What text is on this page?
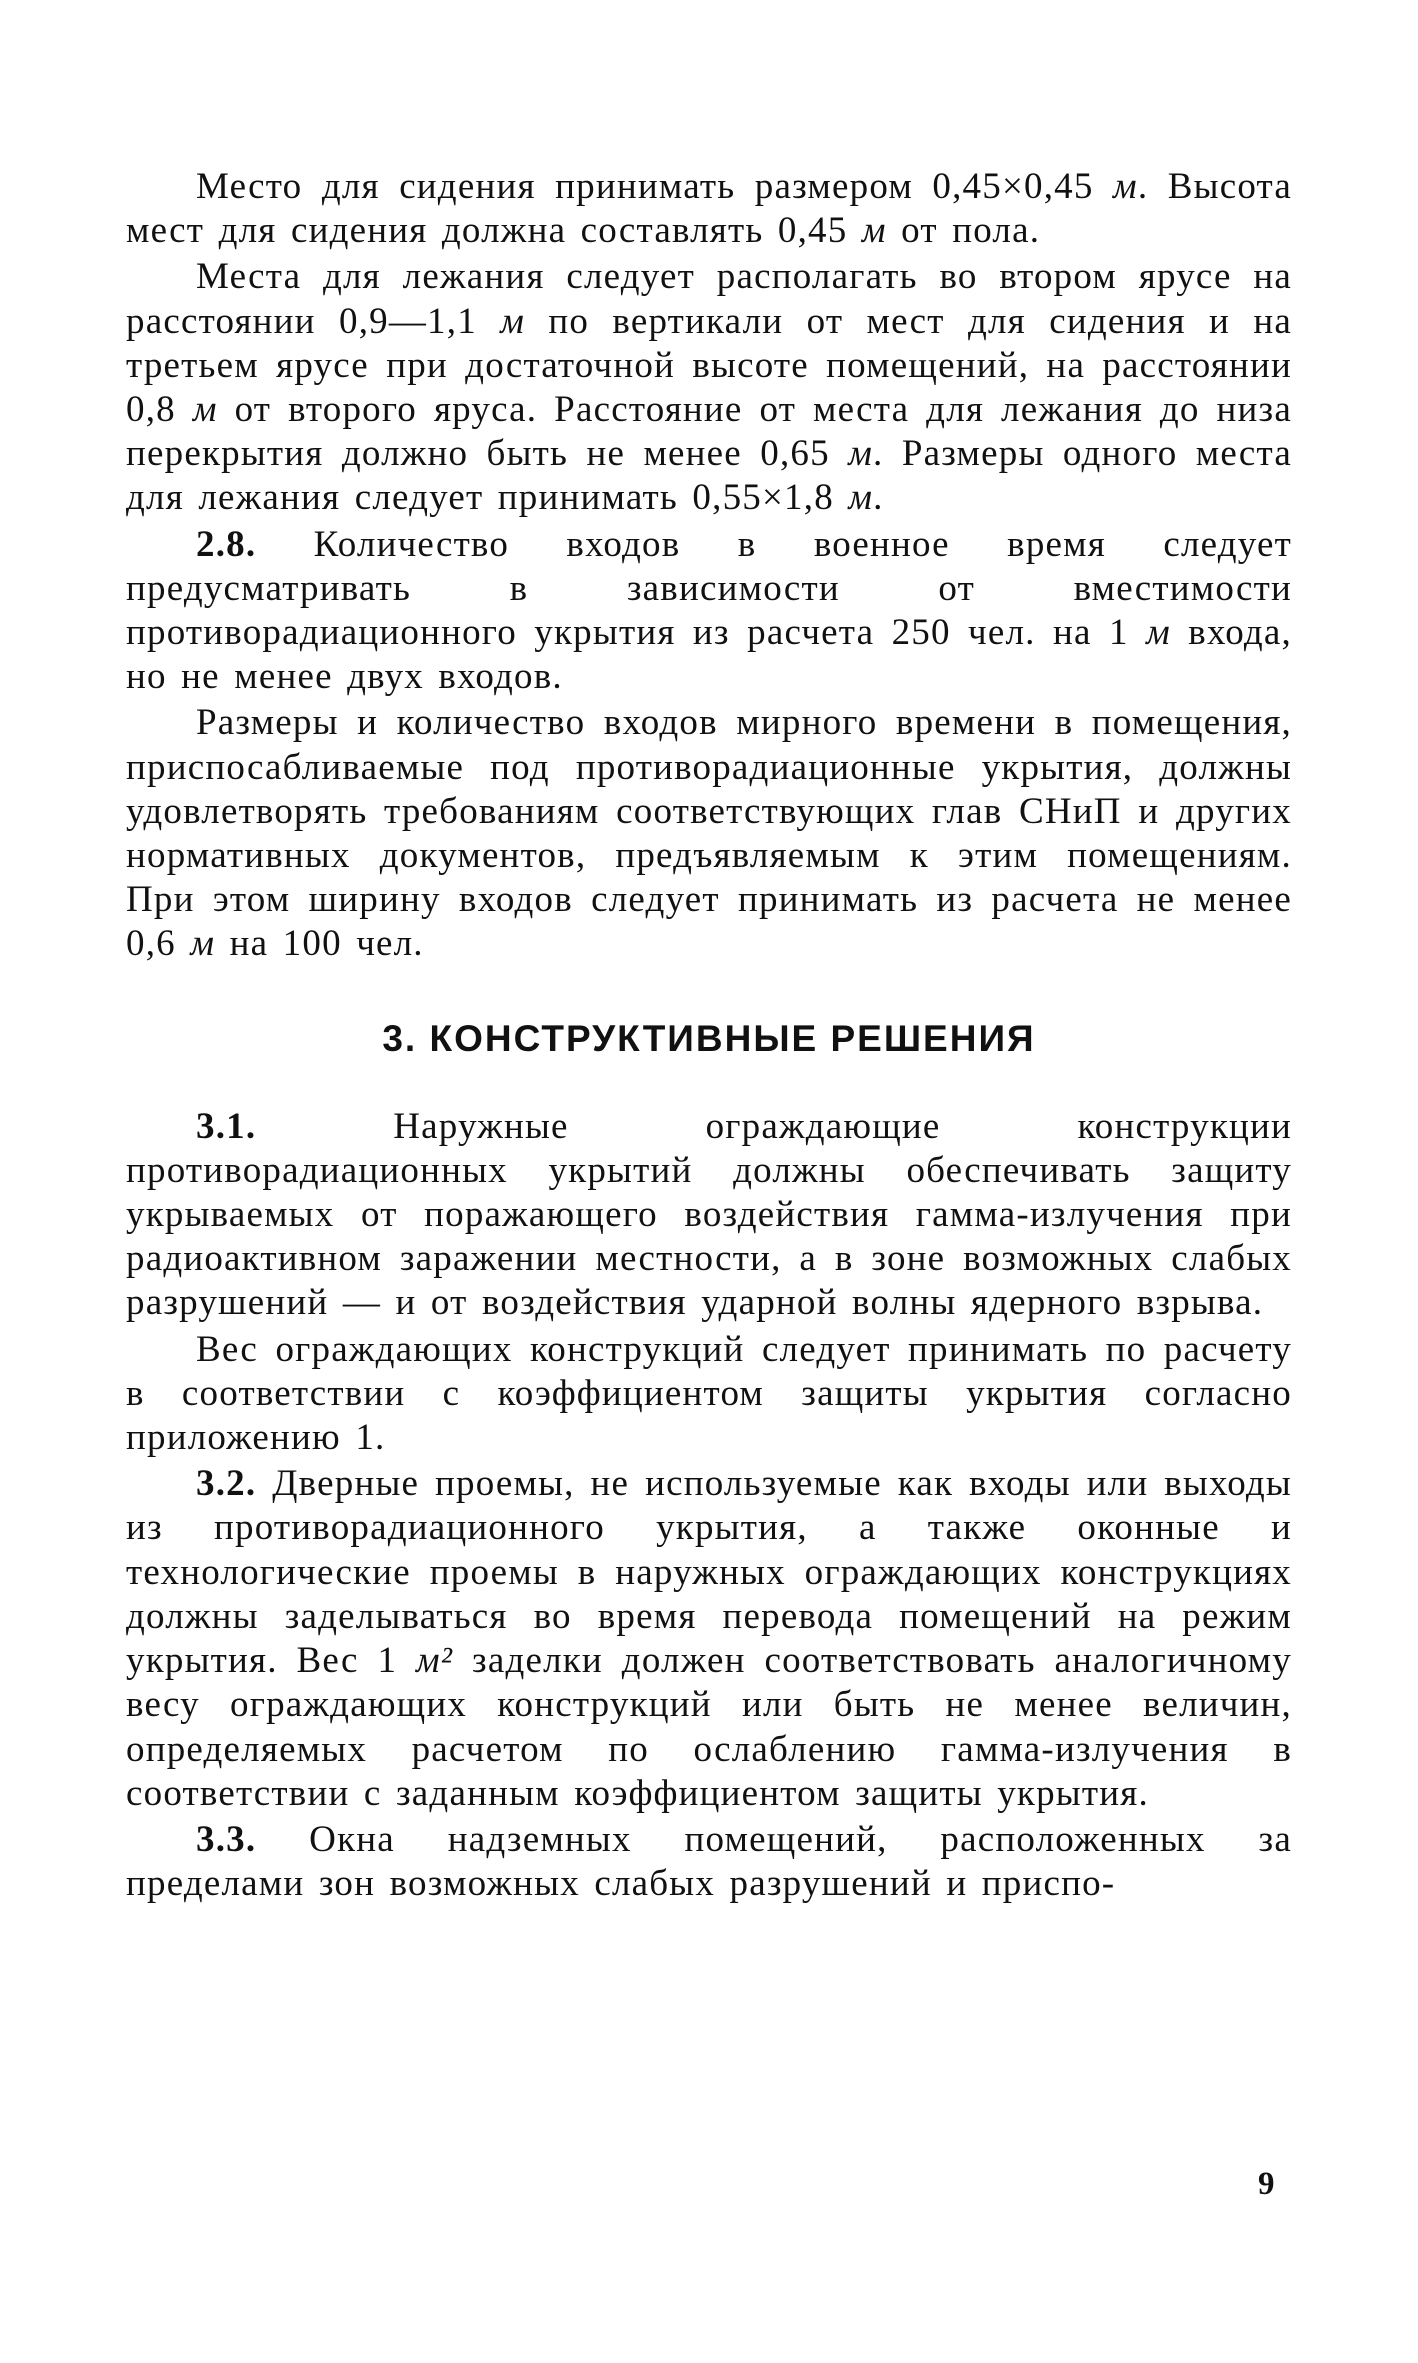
Место для сидения принимать размером 0,45×0,45 м. Высота мест для сидения должна составлять 0,45 м от пола.

Места для лежания следует располагать во втором ярусе на расстоянии 0,9—1,1 м по вертикали от мест для сидения и на третьем ярусе при достаточной высоте помещений, на расстоянии 0,8 м от второго яруса. Расстояние от места для лежания до низа перекрытия должно быть не менее 0,65 м. Размеры одного места для лежания следует принимать 0,55×1,8 м.

2.8. Количество входов в военное время следует предусматривать в зависимости от вместимости противорадиационного укрытия из расчета 250 чел. на 1 м входа, но не менее двух входов.

Размеры и количество входов мирного времени в помещения, приспосабливаемые под противорадиационные укрытия, должны удовлетворять требованиям соответствующих глав СНиП и других нормативных документов, предъявляемым к этим помещениям. При этом ширину входов следует принимать из расчета не менее 0,6 м на 100 чел.

3. КОНСТРУКТИВНЫЕ РЕШЕНИЯ

3.1. Наружные ограждающие конструкции противорадиационных укрытий должны обеспечивать защиту укрываемых от поражающего воздействия гамма-излучения при радиоактивном заражении местности, а в зоне возможных слабых разрушений — и от воздействия ударной волны ядерного взрыва.

Вес ограждающих конструкций следует принимать по расчету в соответствии с коэффициентом защиты укрытия согласно приложению 1.

3.2. Дверные проемы, не используемые как входы или выходы из противорадиационного укрытия, а также оконные и технологические проемы в наружных ограждающих конструкциях должны заделываться во время перевода помещений на режим укрытия. Вес 1 м² заделки должен соответствовать аналогичному весу ограждающих конструкций или быть не менее величин, определяемых расчетом по ослаблению гамма-излучения в соответствии с заданным коэффициентом защиты укрытия.

3.3. Окна надземных помещений, расположенных за пределами зон возможных слабых разрушений и приспо-

9
